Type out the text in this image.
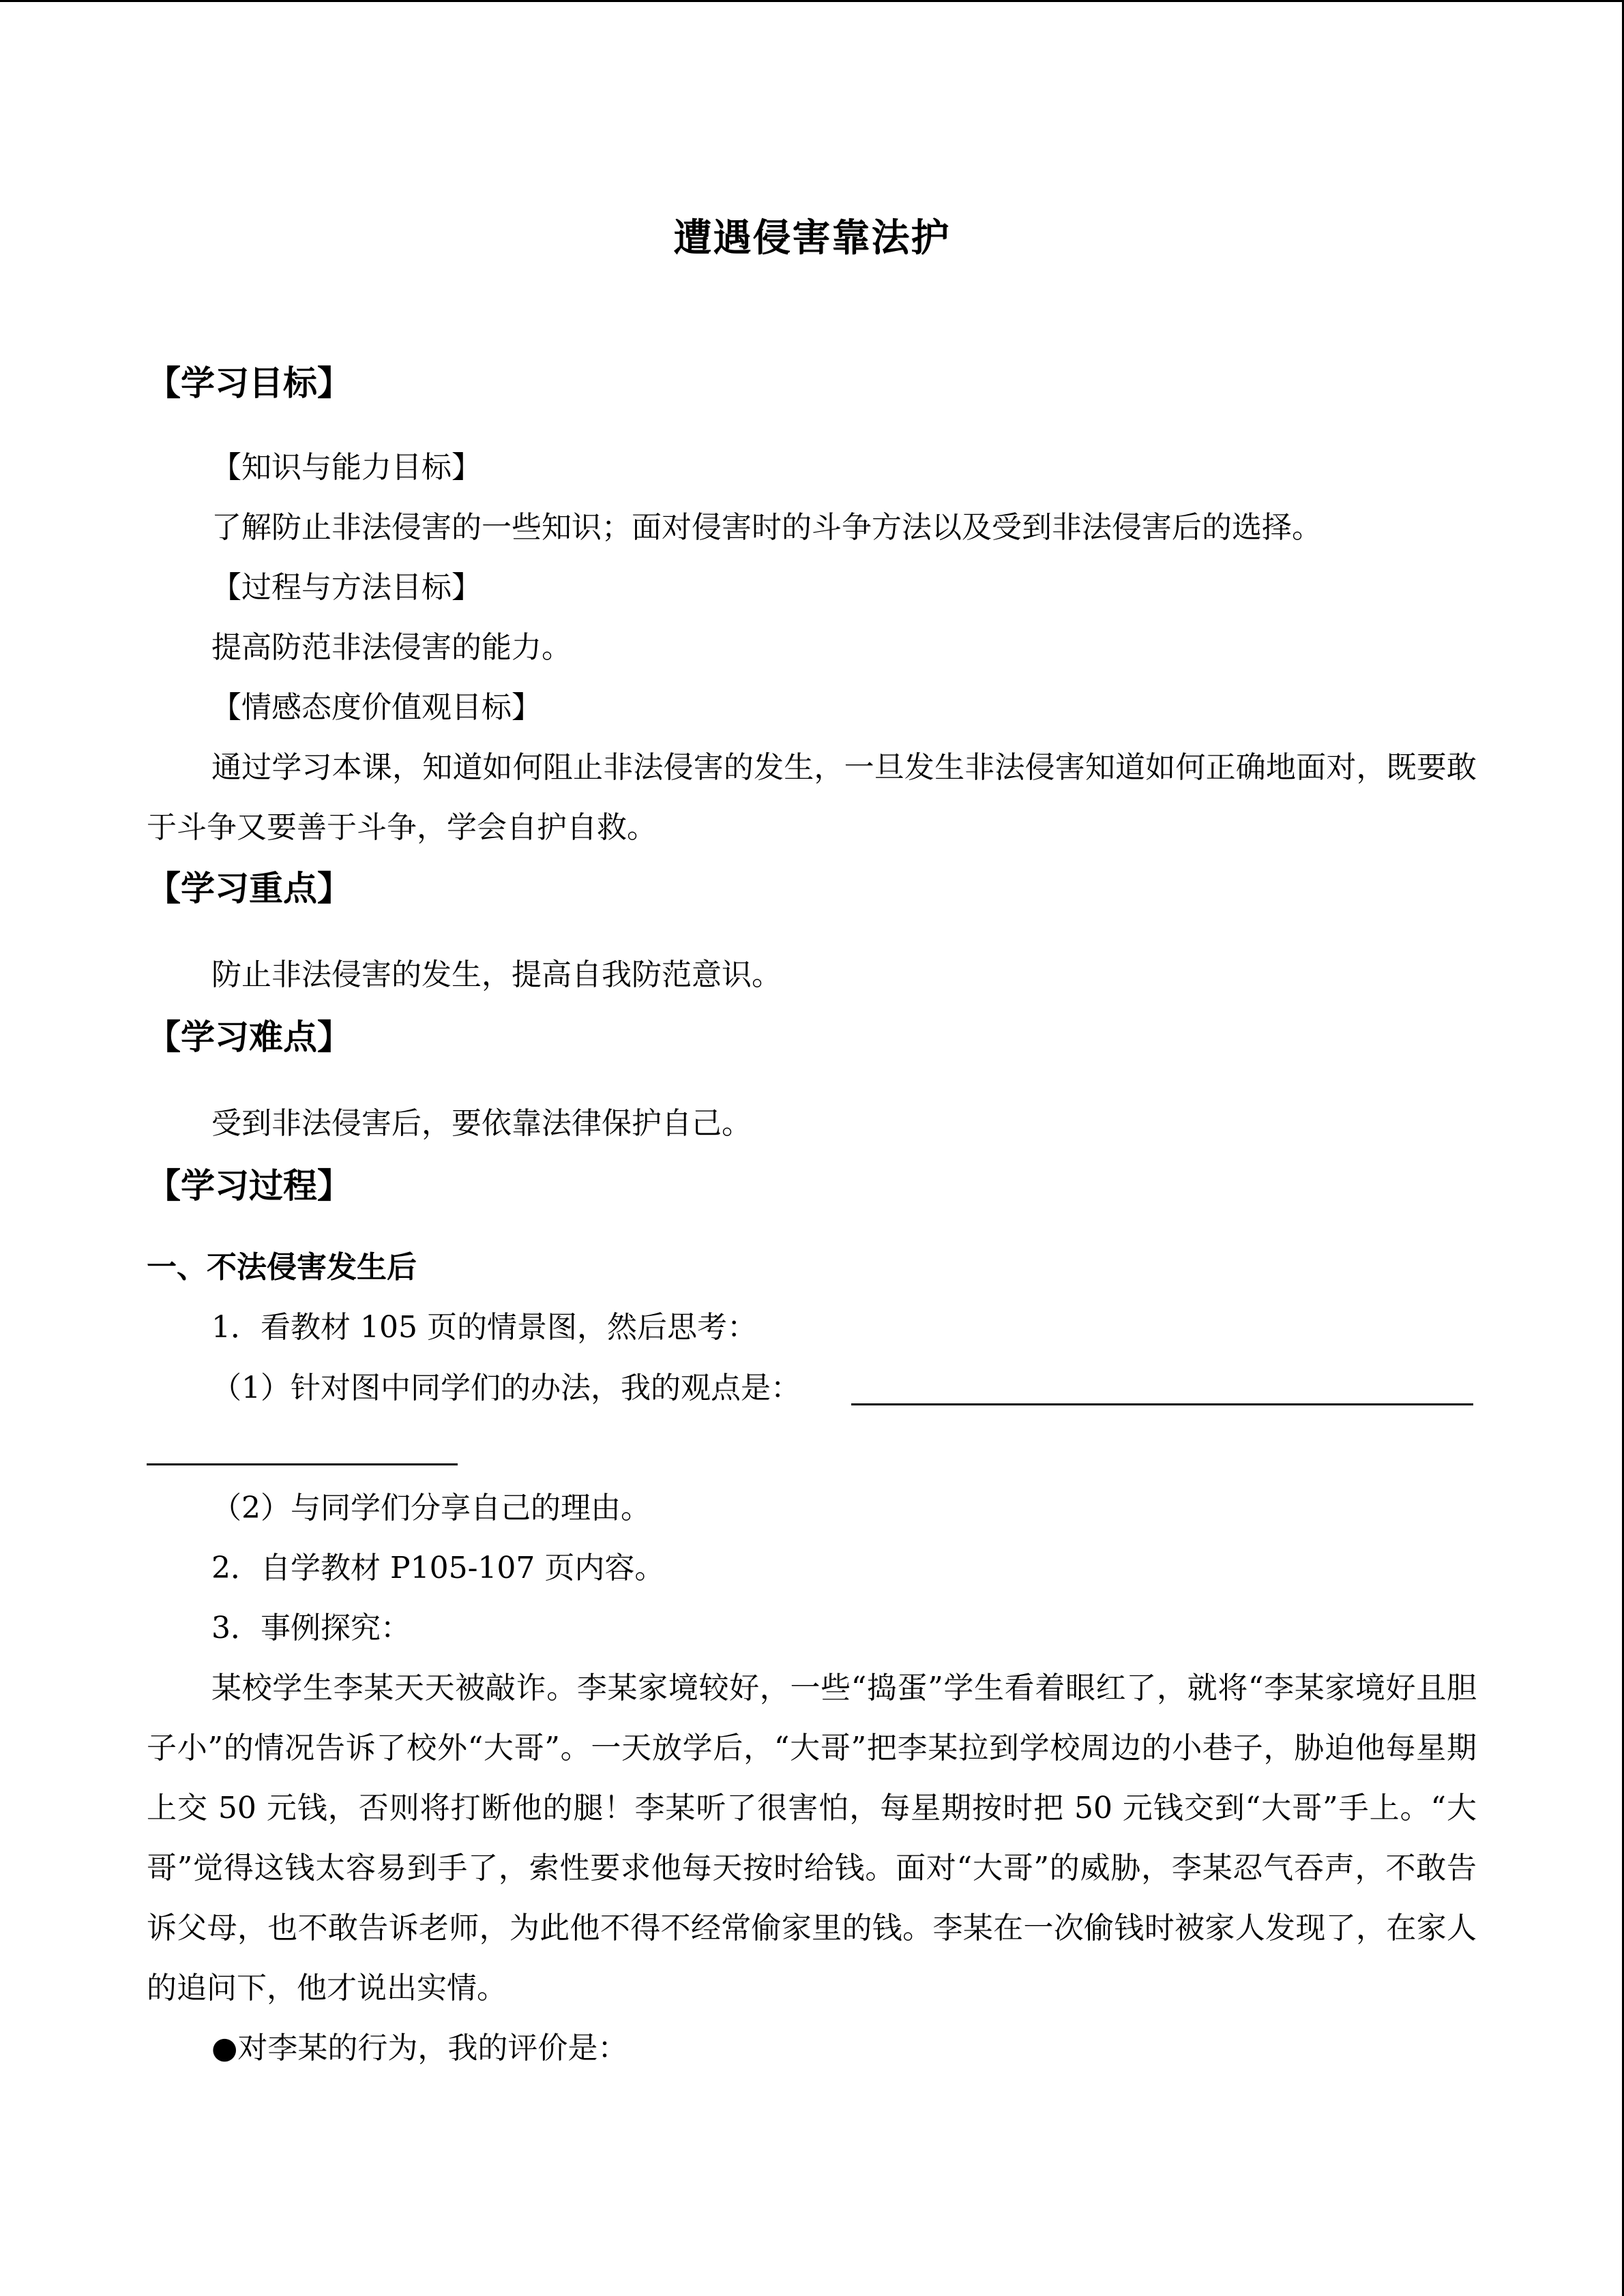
遭遇侵害靠法护
【学习目标】
【知识与能力目标】
了解防止非法侵害的一些知识；面对侵害时的斗争方法以及受到非法侵害后的选择。
【过程与方法目标】
提高防范非法侵害的能力。
【情感态度价值观目标】
通过学习本课，知道如何阻止非法侵害的发生，一旦发生非法侵害知道如何正确地面对，既要敢于斗争又要善于斗争，学会自护自救。
【学习重点】
防止非法侵害的发生，提高自我防范意识。
【学习难点】
受到非法侵害后，要依靠法律保护自己。
【学习过程】
一、不法侵害发生后
1．看教材 105 页的情景图，然后思考：
（1）针对图中同学们的办法，我的观点是：
（2）与同学们分享自己的理由。
2．自学教材 P105-107 页内容。
3．事例探究：
某校学生李某天天被敲诈。李某家境较好，一些“捣蛋”学生看着眼红了，就将“李某家境好且胆子小”的情况告诉了校外“大哥”。一天放学后，“大哥”把李某拉到学校周边的小巷子，胁迫他每星期上交 50 元钱，否则将打断他的腿！李某听了很害怕，每星期按时把 50 元钱交到“大哥”手上。“大哥”觉得这钱太容易到手了，索性要求他每天按时给钱。面对“大哥”的威胁，李某忍气吞声，不敢告诉父母，也不敢告诉老师，为此他不得不经常偷家里的钱。李某在一次偷钱时被家人发现了，在家人的追问下，他才说出实情。
●对李某的行为，我的评价是：
